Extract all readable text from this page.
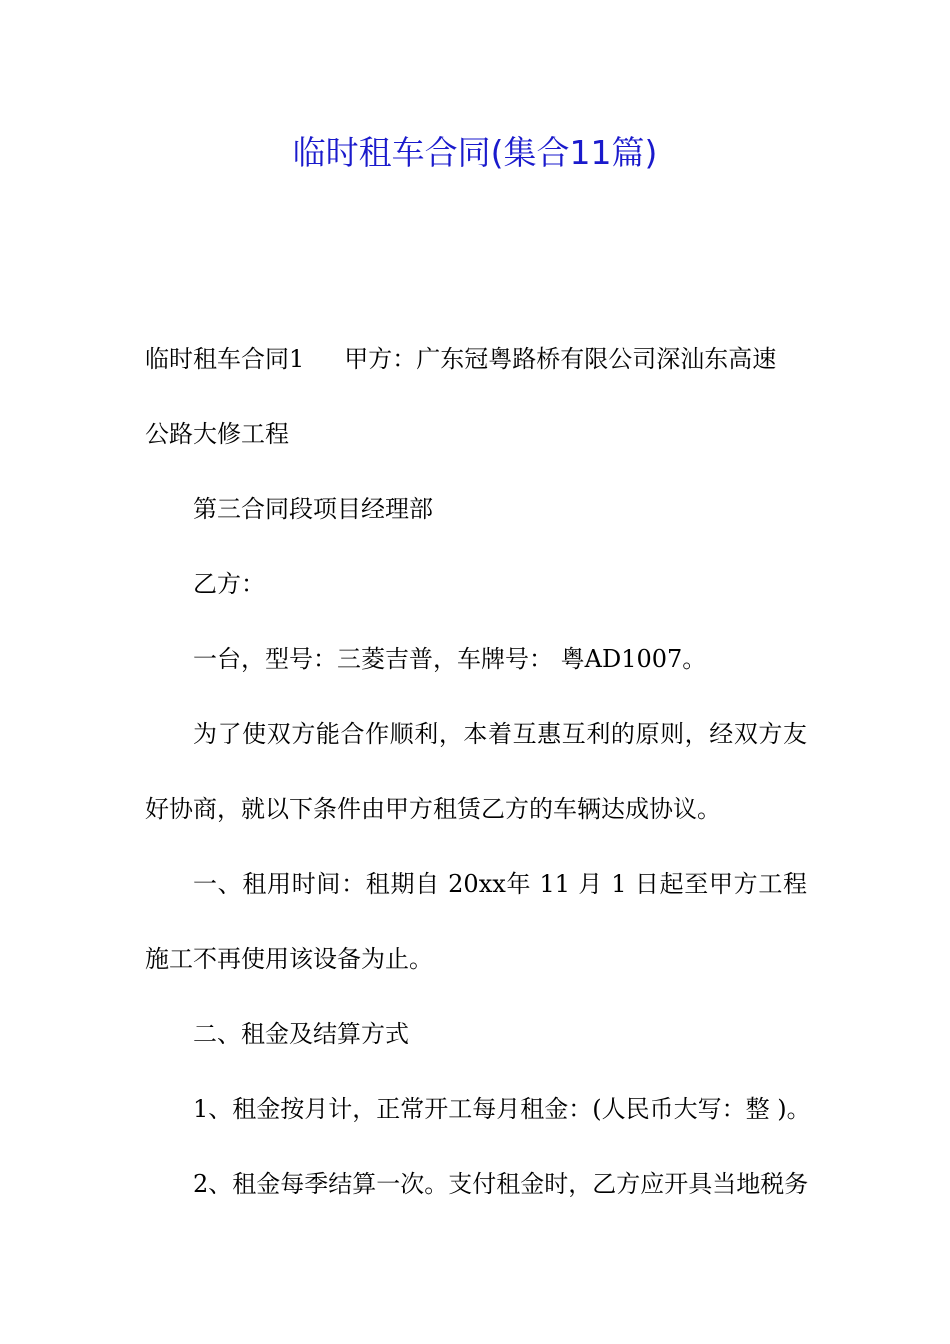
临时租车合同(集合11篇)
临时租车合同1 甲方：广东冠粤路桥有限公司深汕东高速
公路大修工程
第三合同段项目经理部
乙方：
一台，型号：三菱吉普，车牌号： 粤AD1007。
为了使双方能合作顺利，本着互惠互利的原则，经双方友
好协商，就以下条件由甲方租赁乙方的车辆达成协议。
一、租用时间：租期自 20xx年 11 月 1 日起至甲方工程
施工不再使用该设备为止。
二、租金及结算方式
1、租金按月计，正常开工每月租金：(人民币大写：整 )。
2、租金每季结算一次。支付租金时，乙方应开具当地税务
